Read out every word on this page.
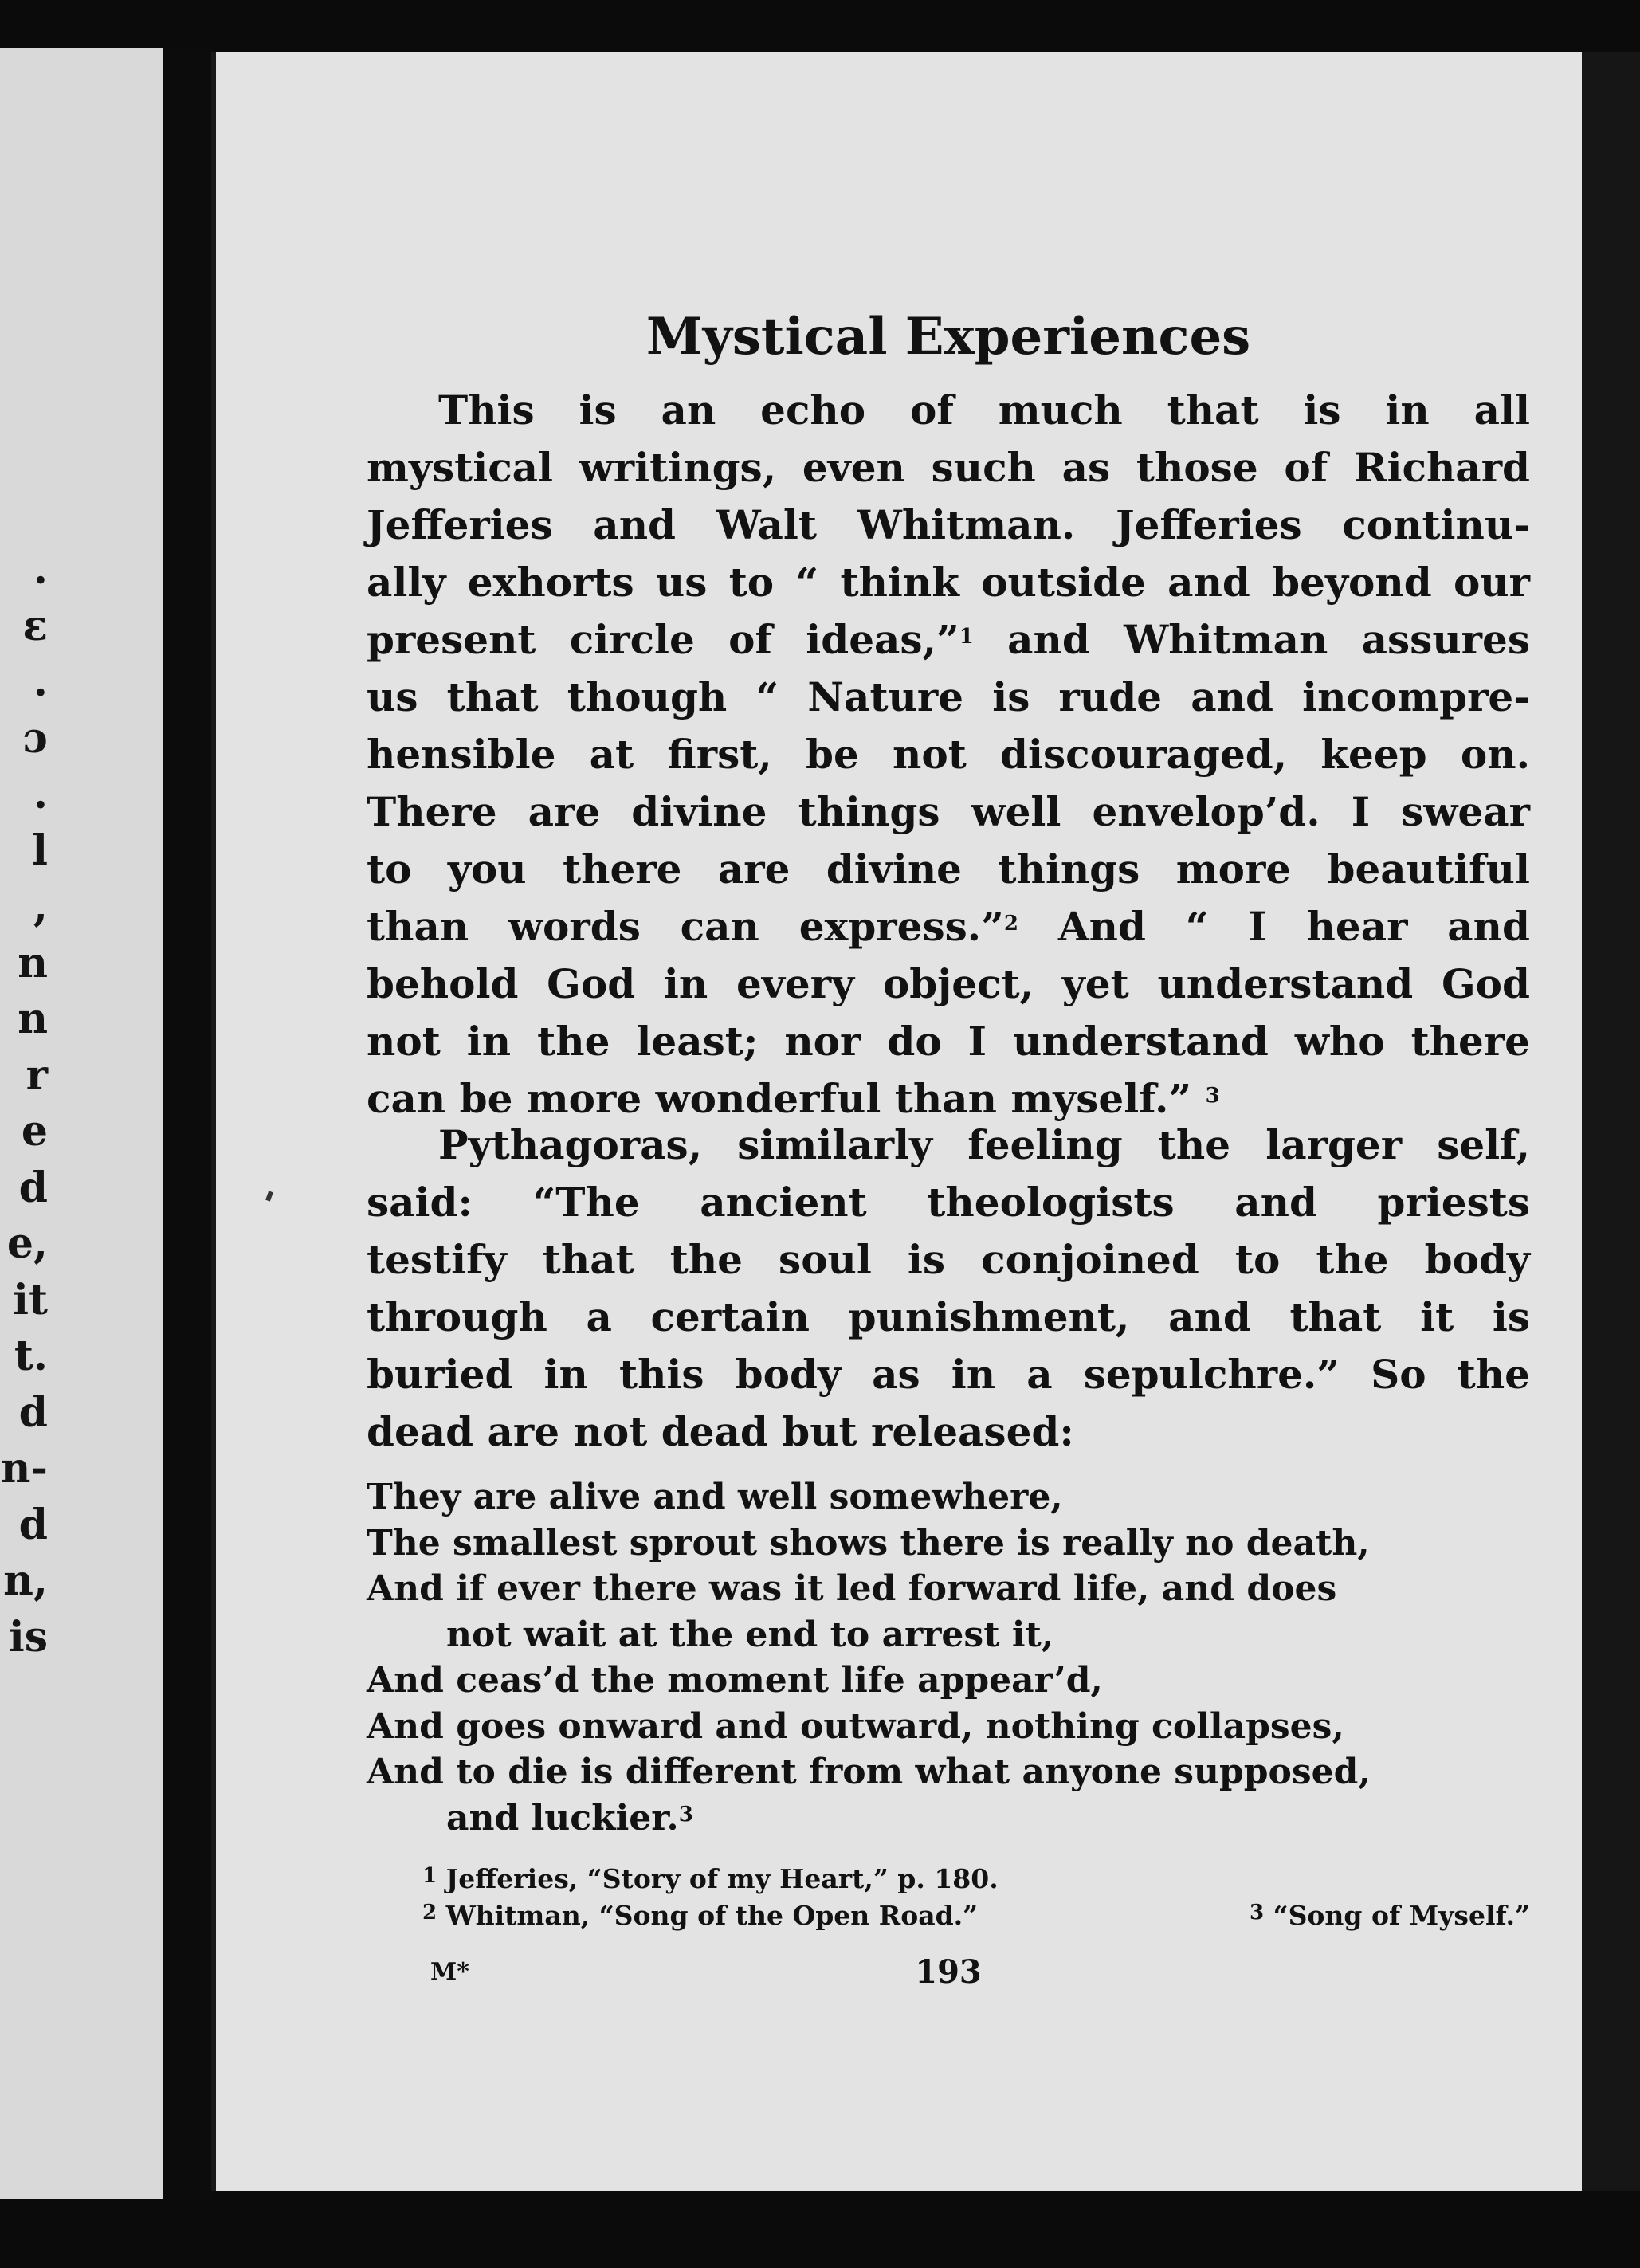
.
ɛ
.
ɔ
.
l
,
n
n
r
e
d
e,
it
t.
d
n-
d
n,
is
Mystical Experiences
This is an echo of much that is in all
mystical writings, even such as those of Richard
Jefferies and Walt Whitman. Jefferies continu-
ally exhorts us to “ think outside and beyond our
present circle of ideas,”$^1$ and Whitman assures
us that though “ Nature is rude and incompre-
hensible at first, be not discouraged, keep on.
There are divine things well envelop’d. I swear
to you there are divine things more beautiful
than words can express.”$^2$ And “ I hear and
behold God in every object, yet understand God
not in the least; nor do I understand who there
can be more wonderful than myself.” $^3$
Pythagoras, similarly feeling the larger self,
said: “The ancient theologists and priests
testify that the soul is conjoined to the body
through a certain punishment, and that it is
buried in this body as in a sepulchre.” So the
dead are not dead but released:
They are alive and well somewhere,
The smallest sprout shows there is really no death,
And if ever there was it led forward life, and does
not wait at the end to arrest it,
And ceas’d the moment life appear’d,
And goes onward and outward, nothing collapses,
And to die is different from what anyone supposed,
and luckier.$^3$
$^1$ Jefferies, “Story of my Heart,” p. 180.
$^2$ Whitman, “Song of the Open Road.”	$^3$ “Song of Myself.”
M*	193
